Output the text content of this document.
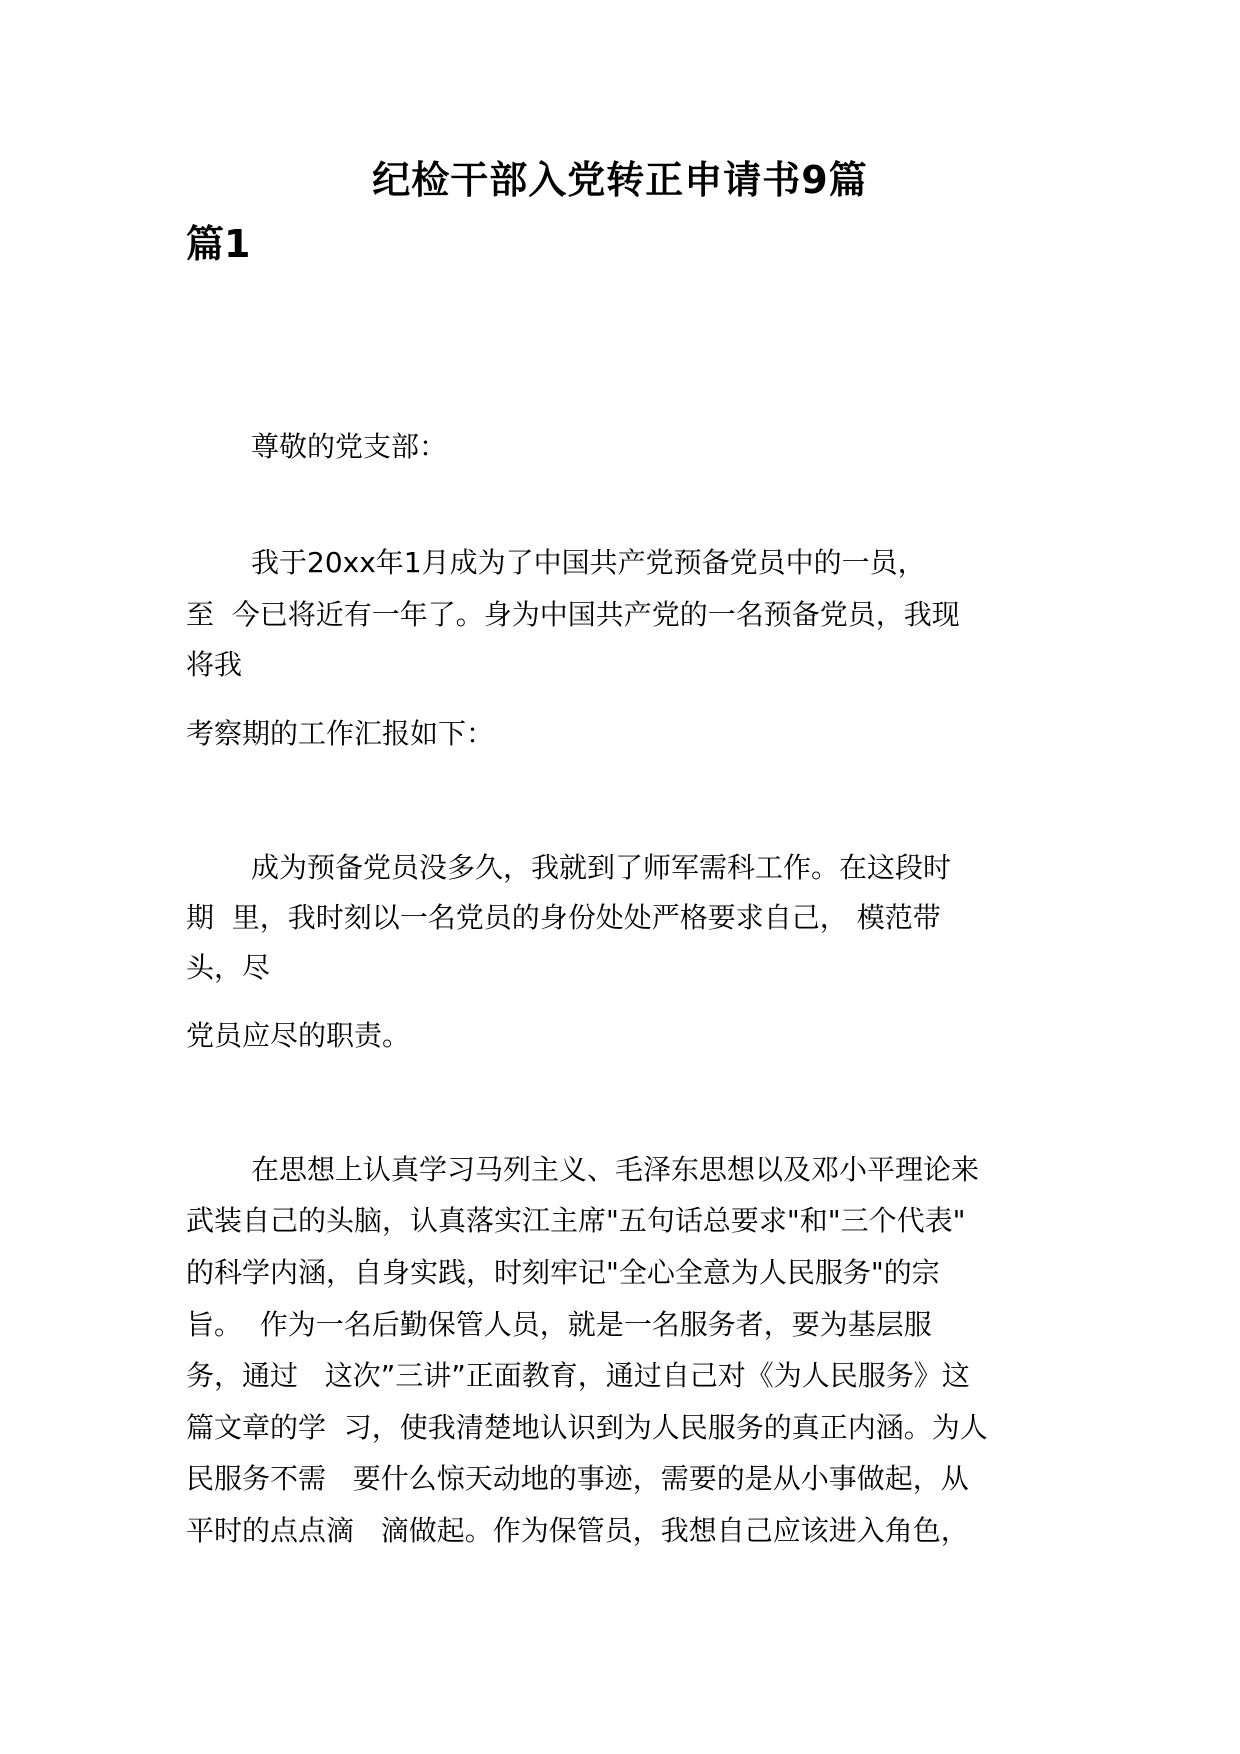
纪检干部入党转正申请书9篇
篇1
尊敬的党支部：
我于20xx年1月成为了中国共产党预备党员中的一员，
至  今已将近有一年了。身为中国共产党的一名预备党员，我现
将我
考察期的工作汇报如下：
成为预备党员没多久，我就到了师军需科工作。在这段时
期  里，我时刻以一名党员的身份处处严格要求自己， 模范带
头，尽
党员应尽的职责。
在思想上认真学习马列主义、毛泽东思想以及邓小平理论来
武装自己的头脑，认真落实江主席"五句话总要求"和"三个代表"
的科学内涵，自身实践，时刻牢记"全心全意为人民服务"的宗
旨。  作为一名后勤保管人员，就是一名服务者，要为基层服
务，通过   这次”三讲”正面教育，通过自己对《为人民服务》这
篇文章的学  习，使我清楚地认识到为人民服务的真正内涵。为人
民服务不需   要什么惊天动地的事迹，需要的是从小事做起，从
平时的点点滴   滴做起。作为保管员，我想自己应该进入角色，
